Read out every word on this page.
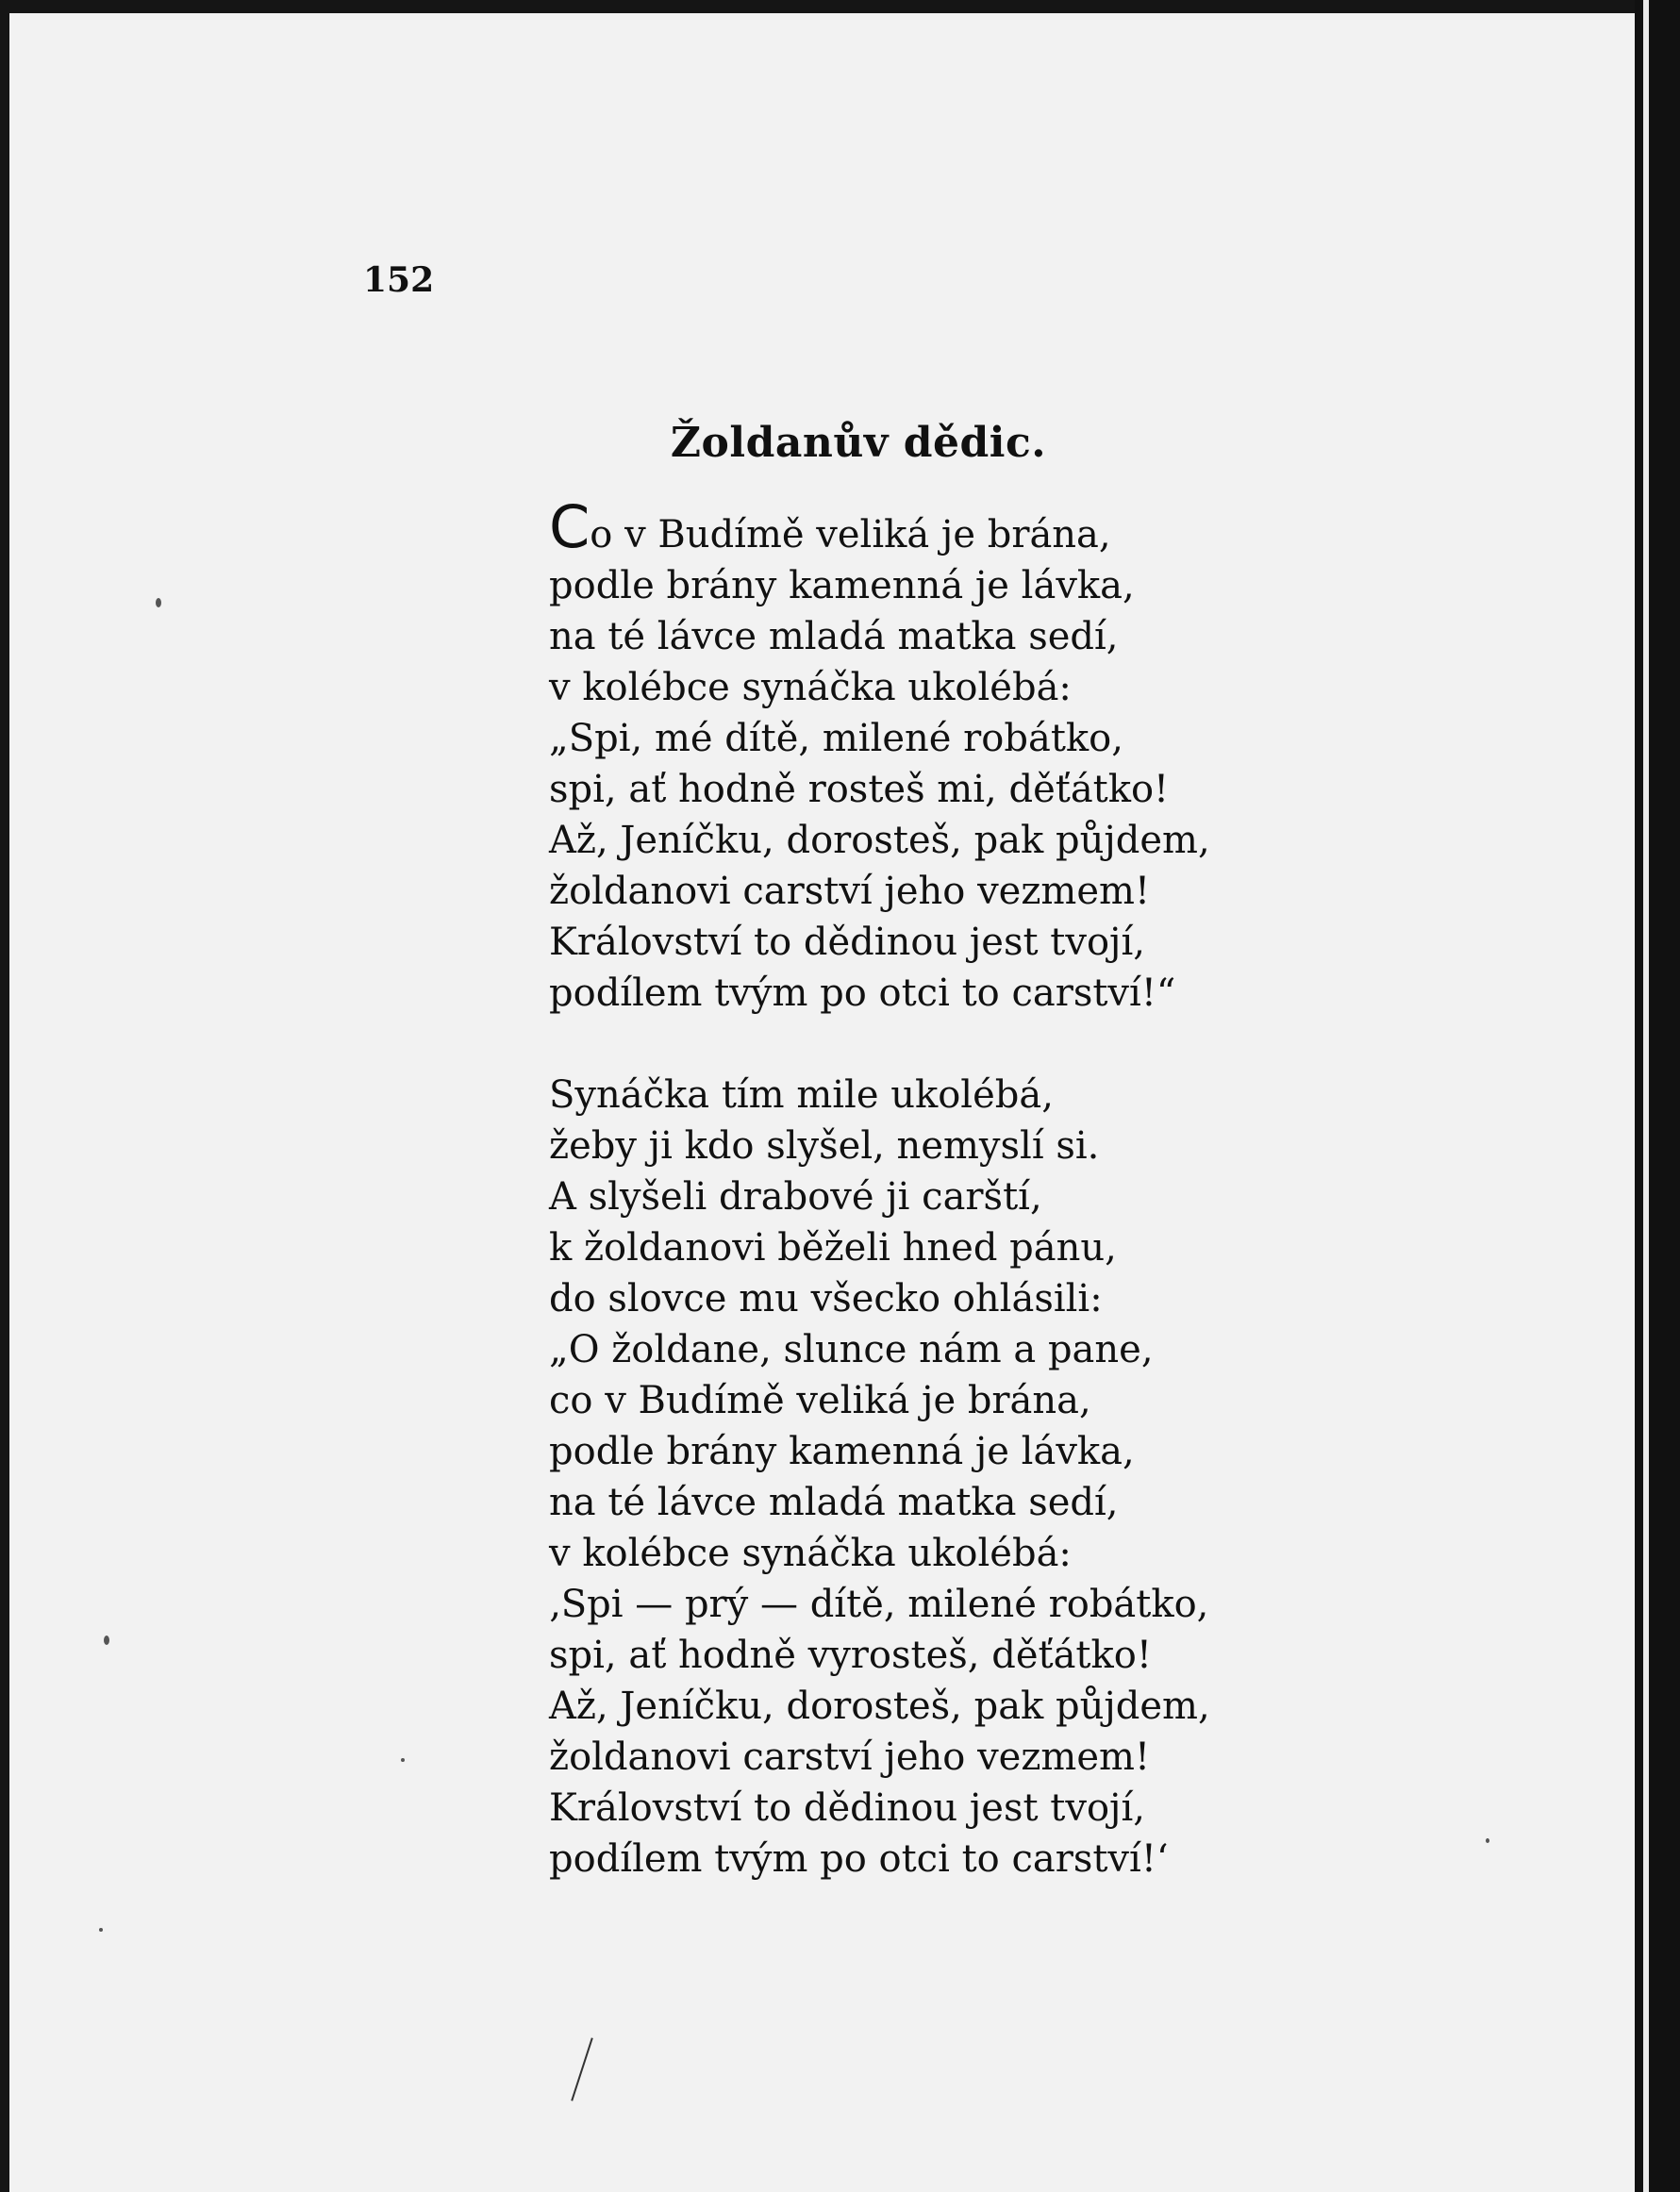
152

Žoldanův dědic.
Co v Budímě veliká je brána,
podle brány kamenná je lávka,
na té lávce mladá matka sedí,
v kolébce synáčka ukolébá:
„Spi, mé dítě, milené robátko,
spi, ať hodně rosteš mi, děťátko!
Až, Jeníčku, dorosteš, pak půjdem,
žoldanovi carství jeho vezmem!
Království to dědinou jest tvojí,
podílem tvým po otci to carství!“
Synáčka tím mile ukolébá,
žeby ji kdo slyšel, nemyslí si.
A slyšeli drabové ji carští,
k žoldanovi běželi hned pánu,
do slovce mu všecko ohlásili:
„O žoldane, slunce nám a pane,
co v Budímě veliká je brána,
podle brány kamenná je lávka,
na té lávce mladá matka sedí,
v kolébce synáčka ukolébá:
‚Spi — prý — dítě, milené robátko,
spi, ať hodně vyrosteš, děťátko!
Až, Jeníčku, dorosteš, pak půjdem,
žoldanovi carství jeho vezmem!
Království to dědinou jest tvojí,
podílem tvým po otci to carství!‘
